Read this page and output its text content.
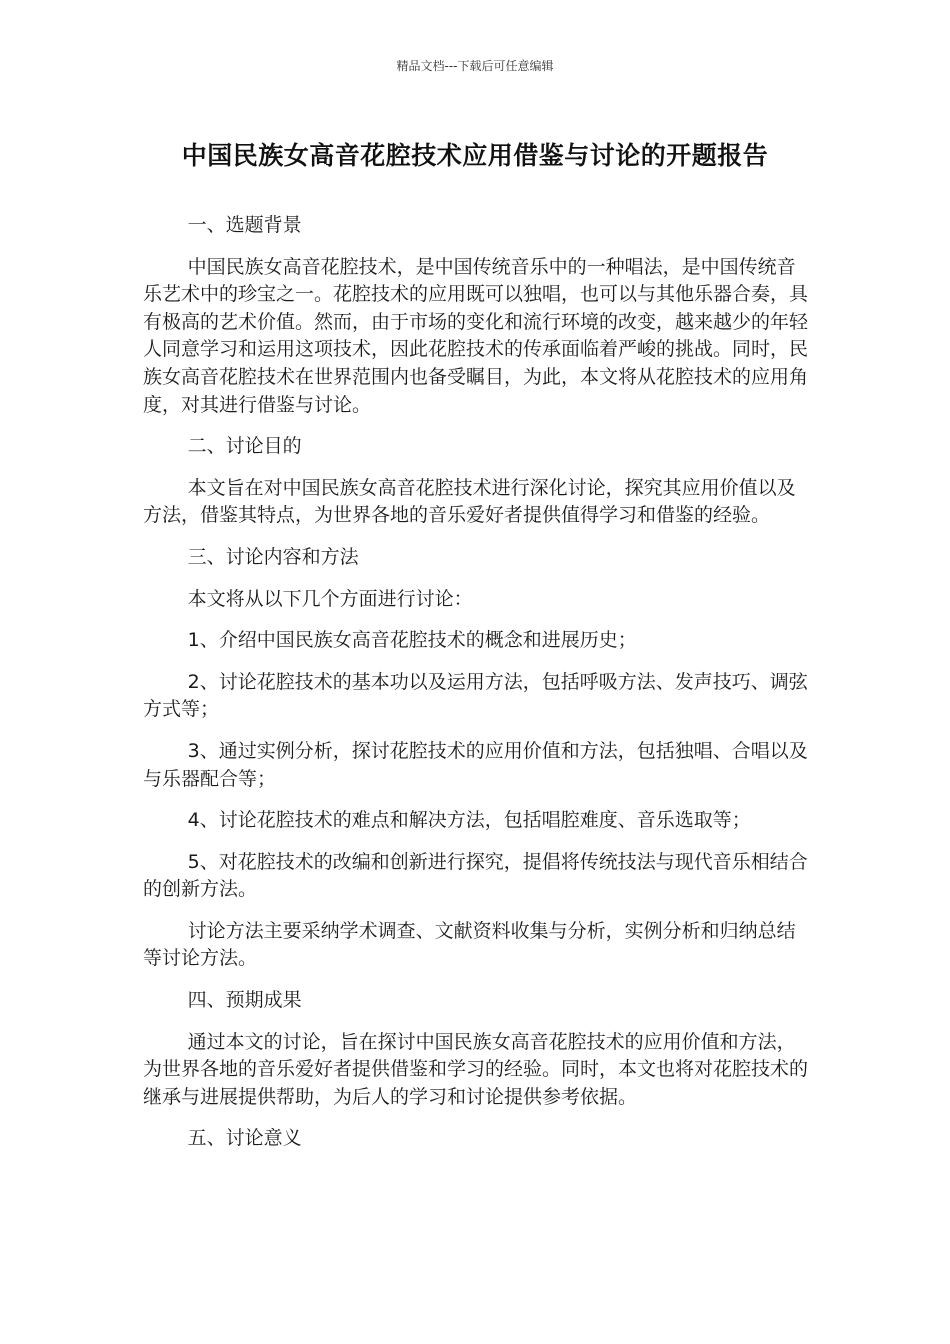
精品文档---下载后可任意编辑
中国民族女高音花腔技术应用借鉴与讨论的开题报告

一、选题背景

中国民族女高音花腔技术，是中国传统音乐中的一种唱法，是中国传统音乐艺术中的珍宝之一。花腔技术的应用既可以独唱，也可以与其他乐器合奏，具有极高的艺术价值。然而，由于市场的变化和流行环境的改变，越来越少的年轻人同意学习和运用这项技术，因此花腔技术的传承面临着严峻的挑战。同时，民族女高音花腔技术在世界范围内也备受瞩目，为此，本文将从花腔技术的应用角度，对其进行借鉴与讨论。

二、讨论目的

本文旨在对中国民族女高音花腔技术进行深化讨论，探究其应用价值以及方法，借鉴其特点，为世界各地的音乐爱好者提供值得学习和借鉴的经验。

三、讨论内容和方法

本文将从以下几个方面进行讨论：

1、介绍中国民族女高音花腔技术的概念和进展历史；

2、讨论花腔技术的基本功以及运用方法，包括呼吸方法、发声技巧、调弦方式等；

3、通过实例分析，探讨花腔技术的应用价值和方法，包括独唱、合唱以及与乐器配合等；

4、讨论花腔技术的难点和解决方法，包括唱腔难度、音乐选取等；

5、对花腔技术的改编和创新进行探究，提倡将传统技法与现代音乐相结合的创新方法。

讨论方法主要采纳学术调查、文献资料收集与分析，实例分析和归纳总结等讨论方法。

四、预期成果

通过本文的讨论，旨在探讨中国民族女高音花腔技术的应用价值和方法，为世界各地的音乐爱好者提供借鉴和学习的经验。同时，本文也将对花腔技术的继承与进展提供帮助，为后人的学习和讨论提供参考依据。

五、讨论意义
